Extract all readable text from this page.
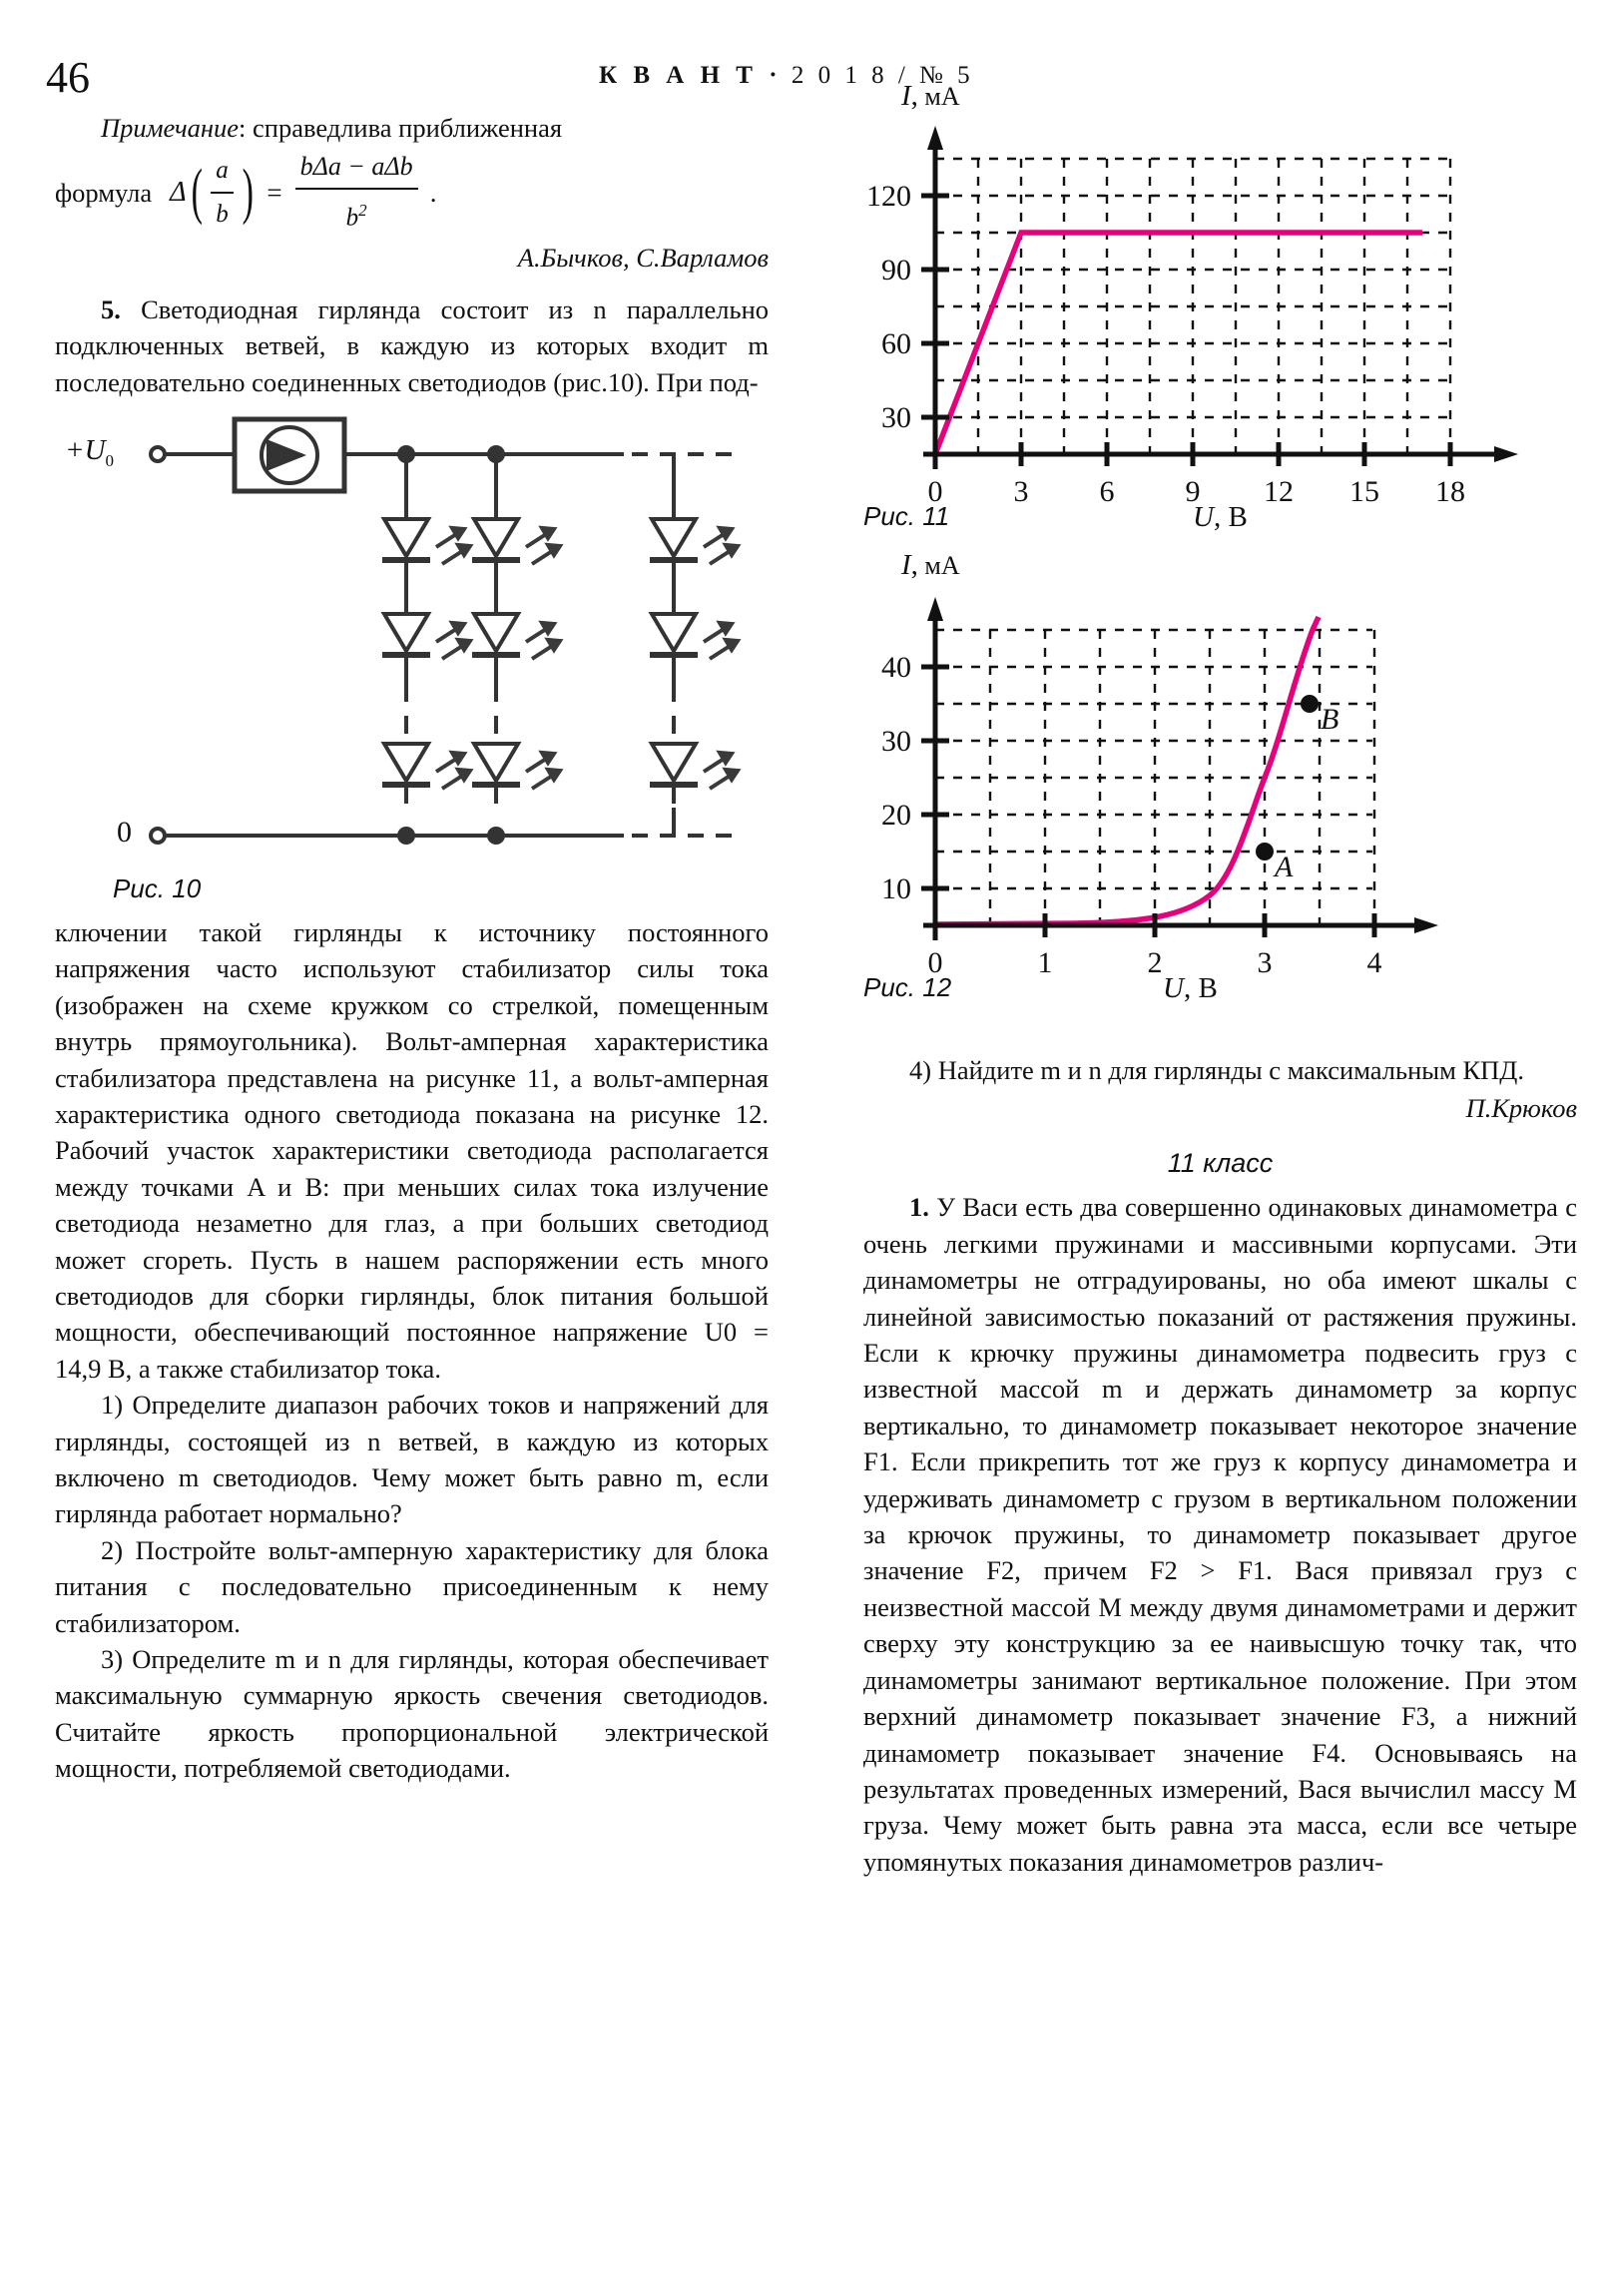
46	К В А Н Т · 2 0 1 8 / № 5

Примечание: справедлива приближенная

формула Δ ( $\frac{a}{b}$ ) = $\frac{\text{bΔa − aΔb}}{b^2}$ .
А.Бычков, С.Варламов

5. Светодиодная гирлянда состоит из n параллельно подключенных ветвей, в каждую из которых входит m последовательно соединенных светодиодов (рис.10). При под-

$+U_0$
0
Рис. 10

ключении такой гирлянды к источнику постоянного напряжения часто используют стабилизатор силы тока (изображен на схеме кружком со стрелкой, помещенным внутрь прямоугольника). Вольт-амперная характеристика стабилизатора представлена на рисунке 11, а вольт-амперная характеристика одного светодиода показана на рисунке 12. Рабочий участок характеристики светодиода располагается между точками A и B: при меньших силах тока излучение светодиода незаметно для глаз, а при больших светодиод может сгореть. Пусть в нашем распоряжении есть много светодиодов для сборки гирлянды, блок питания большой мощности, обеспечивающий постоянное напряжение U0 = 14,9 В, а также стабилизатор тока.

1) Определите диапазон рабочих токов и напряжений для гирлянды, состоящей из n ветвей, в каждую из которых включено m светодиодов. Чему может быть равно m, если гирлянда работает нормально?

2) Постройте вольт-амперную характеристику для блока питания с последовательно присоединенным к нему стабилизатором.

3) Определите m и n для гирлянды, которая обеспечивает максимальную суммарную яркость свечения светодиодов. Считайте яркость пропорциональной электрической мощности, потребляемой светодиодами.

30
60
90
120
0 3 6 9 12 15 18
I, мА
U, В
Рис. 11
A
B
10
20
30
40
0	1	2	3	4
I, мА
U, В
Рис. 12

4) Найдите m и n для гирлянды с максимальным КПД.

П.Крюков
11 класс

1. У Васи есть два совершенно одинаковых динамометра с очень легкими пружинами и массивными корпусами. Эти динамометры не отградуированы, но оба имеют шкалы с линейной зависимостью показаний от растяжения пружины. Если к крючку пружины динамометра подвесить груз с известной массой m и держать динамометр за корпус вертикально, то динамометр показывает некоторое значение F1. Если прикрепить тот же груз к корпусу динамометра и удерживать динамометр с грузом в вертикальном положении за крючок пружины, то динамометр показывает другое значение F2, причем F2 > F1. Вася привязал груз с неизвестной массой M между двумя динамометрами и держит сверху эту конструкцию за ее наивысшую точку так, что динамометры занимают вертикальное положение. При этом верхний динамометр показывает значение F3, а нижний динамометр показывает значение F4. Основываясь на результатах проведенных измерений, Вася вычислил массу M груза. Чему может быть равна эта масса, если все четыре упомянутых показания динамометров различ-
